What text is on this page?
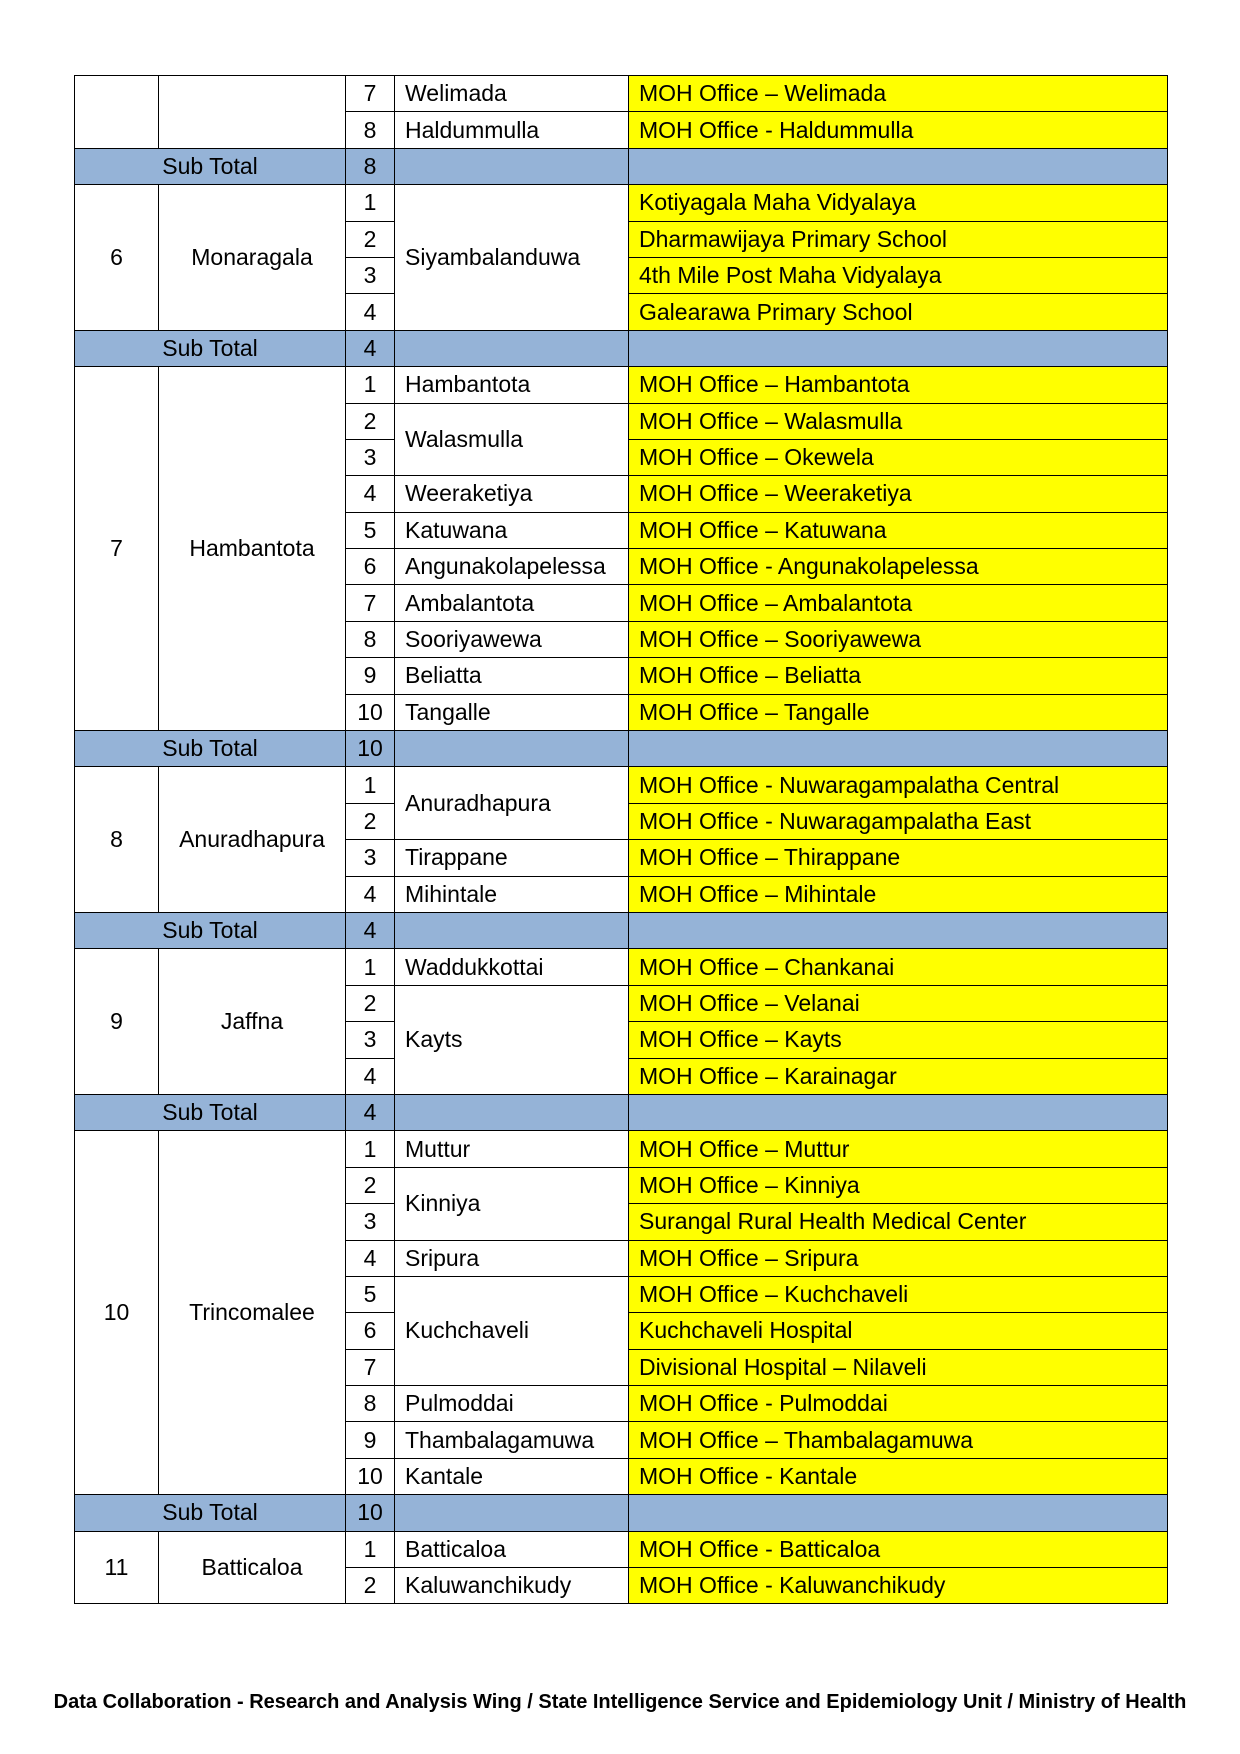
		7	Welimada	MOH Office – Welimada
		8	Haldummulla	MOH Office - Haldummulla
Sub Total		8		
6	Monaragala	1	Siyambalanduwa	Kotiyagala Maha Vidyalaya
		2		Dharmawijaya Primary School
		3		4th Mile Post Maha Vidyalaya
		4		Galearawa Primary School
Sub Total		4		
7	Hambantota	1	Hambantota	MOH Office – Hambantota
		2	Walasmulla	MOH Office – Walasmulla
		3		MOH Office – Okewela
		4	Weeraketiya	MOH Office – Weeraketiya
		5	Katuwana	MOH Office – Katuwana
		6	Angunakolapelessa	MOH Office - Angunakolapelessa
		7	Ambalantota	MOH Office – Ambalantota
		8	Sooriyawewa	MOH Office – Sooriyawewa
		9	Beliatta	MOH Office – Beliatta
		10	Tangalle	MOH Office – Tangalle
Sub Total		10		
8	Anuradhapura	1	Anuradhapura	MOH Office - Nuwaragampalatha Central
		2		MOH Office - Nuwaragampalatha East
		3	Tirappane	MOH Office – Thirappane
		4	Mihintale	MOH Office – Mihintale
Sub Total		4		
9	Jaffna	1	Waddukkottai	MOH Office – Chankanai
		2	Kayts	MOH Office – Velanai
		3		MOH Office – Kayts
		4		MOH Office – Karainagar
Sub Total		4		
10	Trincomalee	1	Muttur	MOH Office – Muttur
		2	Kinniya	MOH Office – Kinniya
		3		Surangal Rural Health Medical Center
		4	Sripura	MOH Office – Sripura
		5	Kuchchaveli	MOH Office – Kuchchaveli
		6		Kuchchaveli Hospital
		7		Divisional Hospital – Nilaveli
		8	Pulmoddai	MOH Office - Pulmoddai
		9	Thambalagamuwa	MOH Office – Thambalagamuwa
		10	Kantale	MOH Office - Kantale
Sub Total		10		
11	Batticaloa	1	Batticaloa	MOH Office - Batticaloa
		2	Kaluwanchikudy	MOH Office - Kaluwanchikudy
Data Collaboration - Research and Analysis Wing / State Intelligence Service and Epidemiology Unit / Ministry of Health
